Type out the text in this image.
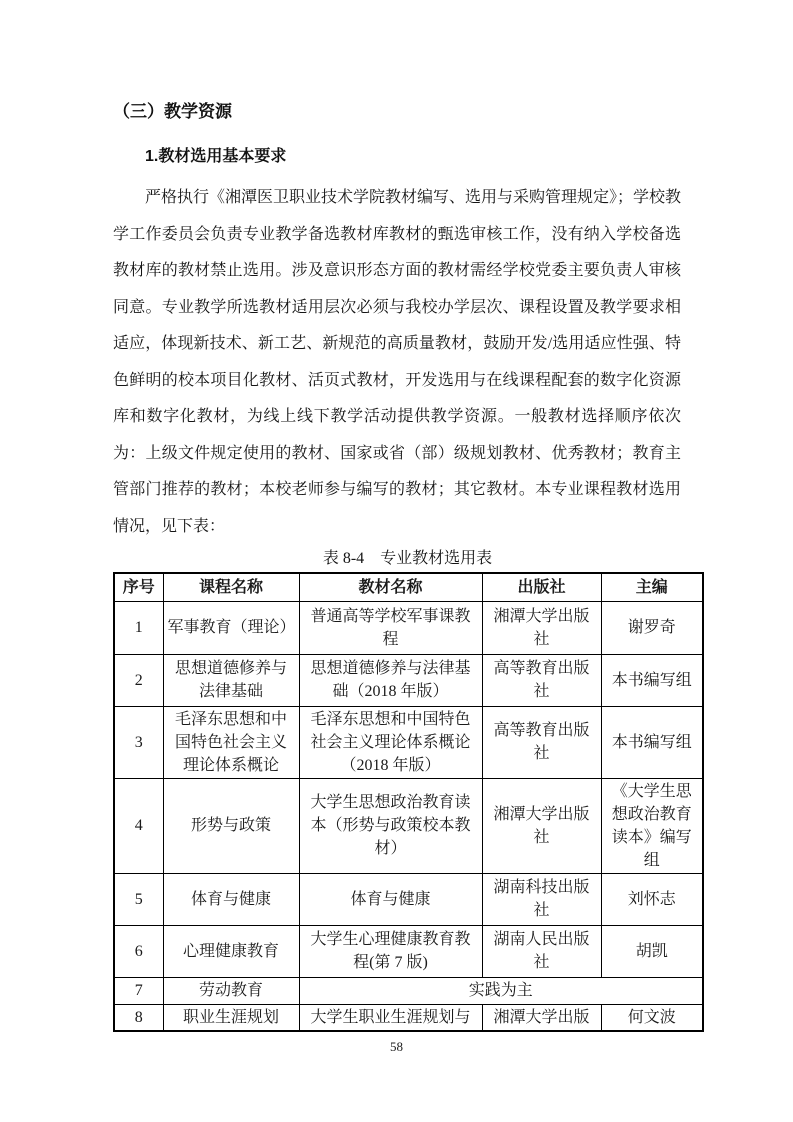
（三）教学资源
1.教材选用基本要求

严格执行《湘潭医卫职业技术学院教材编写、选用与采购管理规定》；学校教学工作委员会负责专业教学备选教材库教材的甄选审核工作，没有纳入学校备选教材库的教材禁止选用。涉及意识形态方面的教材需经学校党委主要负责人审核同意。专业教学所选教材适用层次必须与我校办学层次、课程设置及教学要求相适应，体现新技术、新工艺、新规范的高质量教材，鼓励开发/选用适应性强、特色鲜明的校本项目化教材、活页式教材，开发选用与在线课程配套的数字化资源库和数字化教材，为线上线下教学活动提供教学资源。一般教材选择顺序依次为：上级文件规定使用的教材、国家或省（部）级规划教材、优秀教材；教育主管部门推荐的教材；本校老师参与编写的教材；其它教材。本专业课程教材选用情况，见下表：

表 8-4　专业教材选用表
序号	课程名称	教材名称	出版社	主编
1	军事教育（理论）	普通高等学校军事课教程	湘潭大学出版社	谢罗奇
2	思想道德修养与法律基础	思想道德修养与法律基础（2018 年版）	高等教育出版社	本书编写组
3	毛泽东思想和中国特色社会主义理论体系概论	毛泽东思想和中国特色社会主义理论体系概论（2018 年版）	高等教育出版社	本书编写组
4	形势与政策	大学生思想政治教育读本（形势与政策校本教材）	湘潭大学出版社	《大学生思想政治教育读本》编写组
5	体育与健康	体育与健康	湖南科技出版社	刘怀志
6	心理健康教育	大学生心理健康教育教程(第 7 版)	湖南人民出版社	胡凯
7	劳动教育	实践为主		
8	职业生涯规划	大学生职业生涯规划与	湘潭大学出版	何文波
58
